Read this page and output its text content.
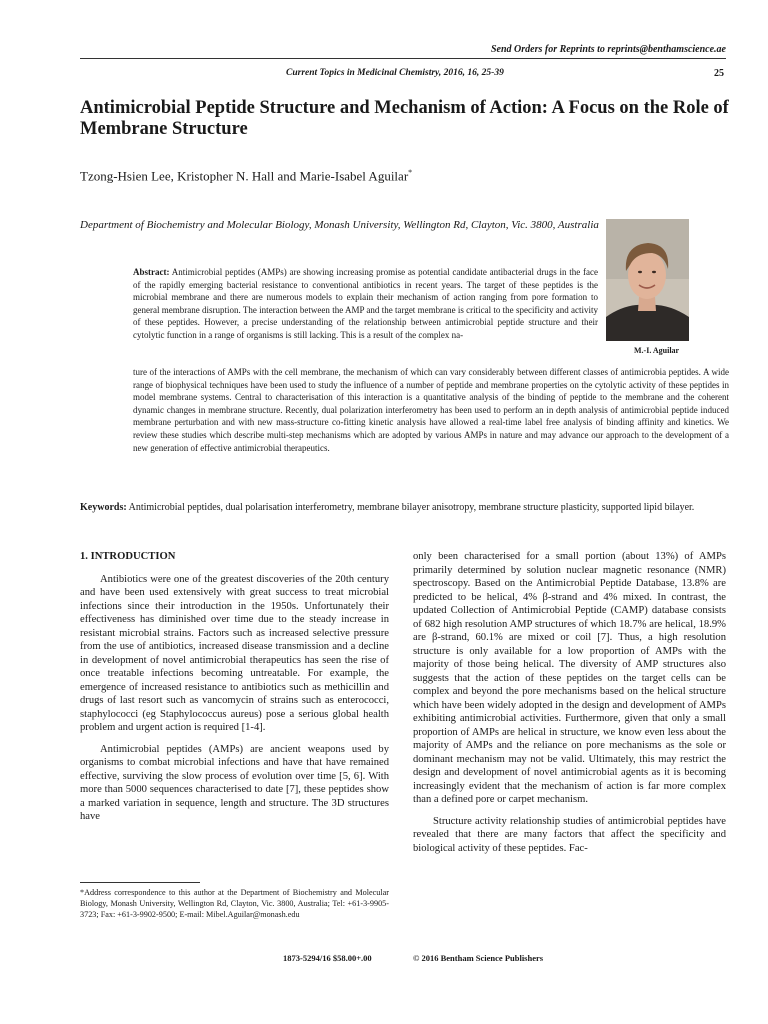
Send Orders for Reprints to reprints@benthamscience.ae
Current Topics in Medicinal Chemistry, 2016, 16, 25-39	25
Antimicrobial Peptide Structure and Mechanism of Action: A Focus on the Role of Membrane Structure
Tzong-Hsien Lee, Kristopher N. Hall and Marie-Isabel Aguilar*
Department of Biochemistry and Molecular Biology, Monash University, Wellington Rd, Clayton, Vic. 3800, Australia
M.-I. Aguilar
Abstract: Antimicrobial peptides (AMPs) are showing increasing promise as potential candidate antibacterial drugs in the face of the rapidly emerging bacterial resistance to conventional antibiotics in recent years. The target of these peptides is the microbial membrane and there are numerous models to explain their mechanism of action ranging from pore formation to general membrane disruption. The interaction between the AMP and the target membrane is critical to the specificity and activity of these peptides. However, a precise understanding of the relationship between antimicrobial peptide structure and their cytolytic function in a range of organisms is still lacking. This is a result of the complex na-
ture of the interactions of AMPs with the cell membrane, the mechanism of which can vary considerably between different classes of antimicrobia peptides. A wide range of biophysical techniques have been used to study the influence of a number of peptide and membrane properties on the cytolytic activity of these peptides in model membrane systems. Central to characterisation of this interaction is a quantitative analysis of the binding of peptide to the membrane and the coherent dynamic changes in membrane structure. Recently, dual polarization interferometry has been used to perform an in depth analysis of antimicrobial peptide induced membrane perturbation and with new mass-structure co-fitting kinetic analysis have allowed a real-time label free analysis of binding affinity and kinetics. We review these studies which describe multi-step mechanisms which are adopted by various AMPs in nature and may advance our approach to the development of a new generation of effective antimicrobial therapeutics.
Keywords: Antimicrobial peptides, dual polarisation interferometry, membrane bilayer anisotropy, membrane structure plasticity, supported lipid bilayer.
1. INTRODUCTION

Antibiotics were one of the greatest discoveries of the 20th century and have been used extensively with great success to treat microbial infections since their introduction in the 1950s. Unfortunately their effectiveness has diminished over time due to the steady increase in resistant microbial strains. Factors such as increased selective pressure from the use of antibiotics, increased disease transmission and a decline in development of novel antimicrobial therapeutics has seen the rise of once treatable infections becoming untreatable. For example, the emergence of increased resistance to antibiotics such as methicillin and drugs of last resort such as vancomycin of strains such as enterococci, staphylococci (eg Staphylococcus aureus) pose a serious global health problem and urgent action is required [1-4].

Antimicrobial peptides (AMPs) are ancient weapons used by organisms to combat microbial infections and have that have remained effective, surviving the slow process of evolution over time [5, 6]. With more than 5000 sequences characterised to date [7], these peptides show a marked variation in sequence, length and structure. The 3D structures have

only been characterised for a small portion (about 13%) of AMPs primarily determined by solution nuclear magnetic resonance (NMR) spectroscopy. Based on the Antimicrobial Peptide Database, 13.8% are predicted to be helical, 4% β-strand and 4% mixed. In contrast, the updated Collection of Antimicrobial Peptide (CAMP) database consists of 682 high resolution AMP structures of which 18.7% are helical, 18.9% are β-strand, 60.1% are mixed or coil [7]. Thus, a high resolution structure is only available for a low proportion of AMPs with the majority of those being helical. The diversity of AMP structures also suggests that the action of these peptides on the target cells can be complex and beyond the pore mechanisms based on the helical structure which have been widely adopted in the design and development of AMPs exhibiting antimicrobial activities. Furthermore, given that only a small proportion of AMPs are helical in structure, we know even less about the majority of AMPs and the reliance on pore mechanisms as the sole or dominant mechanism may not be valid. Ultimately, this may restrict the design and development of novel antimicrobial agents as it is becoming increasingly evident that the mechanism of action is far more complex than a defined pore or carpet mechanism.

Structure activity relationship studies of antimicrobial peptides have revealed that there are many factors that affect the specificity and biological activity of these peptides. Fac-

*Address correspondence to this author at the Department of Biochemistry and Molecular Biology, Monash University, Wellington Rd, Clayton, Vic. 3800, Australia; Tel: +61-3-9905-3723; Fax: +61-3-9902-9500; E-mail: Mibel.Aguilar@monash.edu
1873-5294/16 $58.00+.00	© 2016 Bentham Science Publishers
